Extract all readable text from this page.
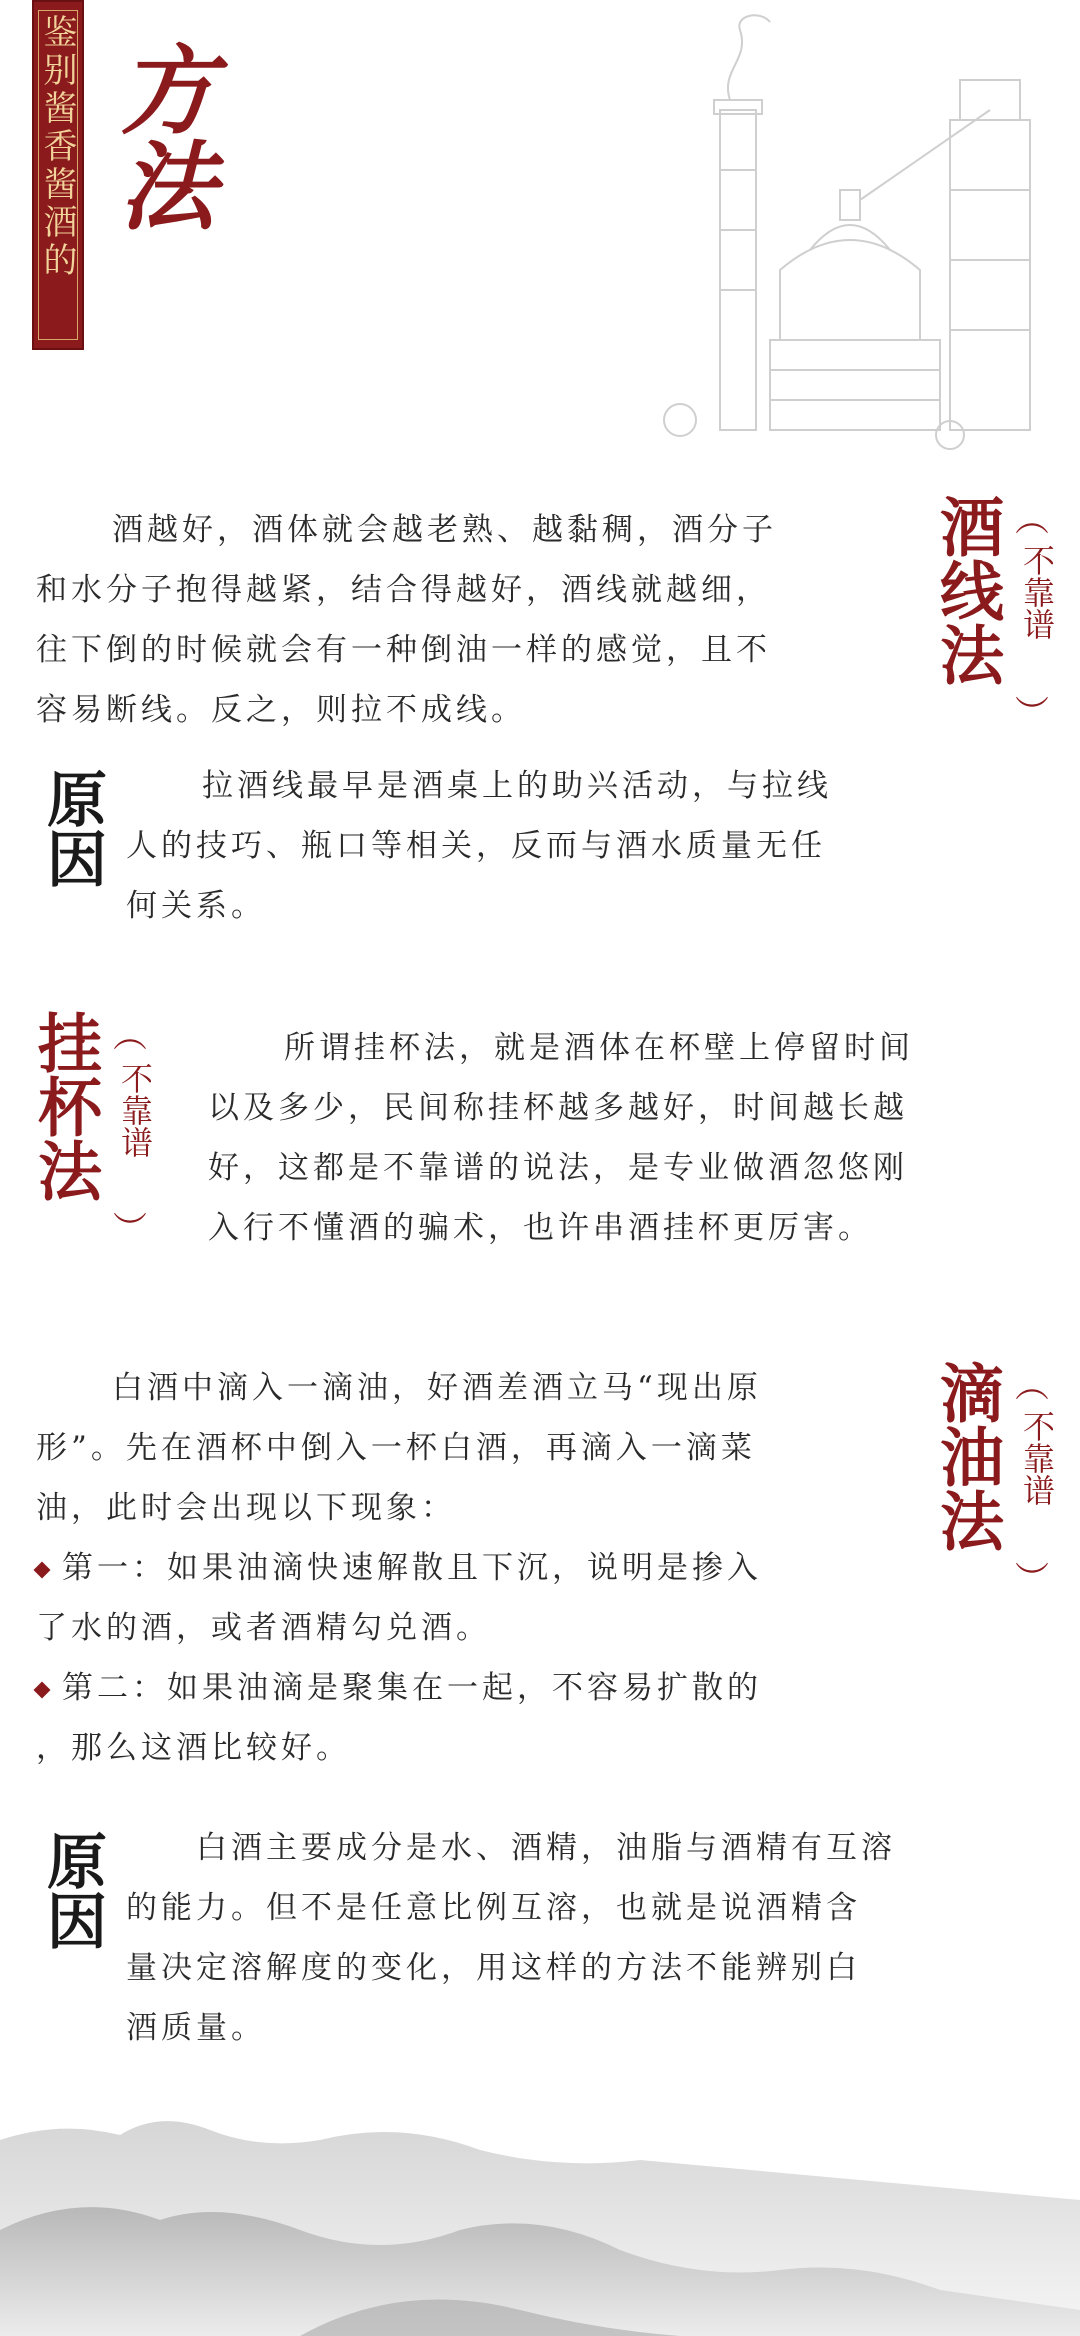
鉴别酱香酱酒的 方法

酒越好，酒体就会越老熟、越黏稠，酒分子

和水分子抱得越紧，结合得越好，酒线就越细，

往下倒的时候就会有一种倒油一样的感觉，且不

容易断线。反之，则拉不成线。

酒线法 ︵
不靠谱
︶
原因	拉酒线最早是酒桌上的助兴活动，与拉线

人的技巧、瓶口等相关，反而与酒水质量无任

何关系。

挂杯法 ︵
不靠谱
︶

所谓挂杯法，就是酒体在杯壁上停留时间

以及多少，民间称挂杯越多越好，时间越长越

好，这都是不靠谱的说法，是专业做酒忽悠刚

入行不懂酒的骗术，也许串酒挂杯更厉害。

白酒中滴入一滴油，好酒差酒立马“现出原

形”。先在酒杯中倒入一杯白酒，再滴入一滴菜

油，此时会出现以下现象：

第一：如果油滴快速解散且下沉，说明是掺入

了水的酒，或者酒精勾兑酒。

第二：如果油滴是聚集在一起，不容易扩散的

，那么这酒比较好。

滴油法 ︵
不靠谱
︶
原因	白酒主要成分是水、酒精，油脂与酒精有互溶

的能力。但不是任意比例互溶，也就是说酒精含

量决定溶解度的变化，用这样的方法不能辨别白

酒质量。
